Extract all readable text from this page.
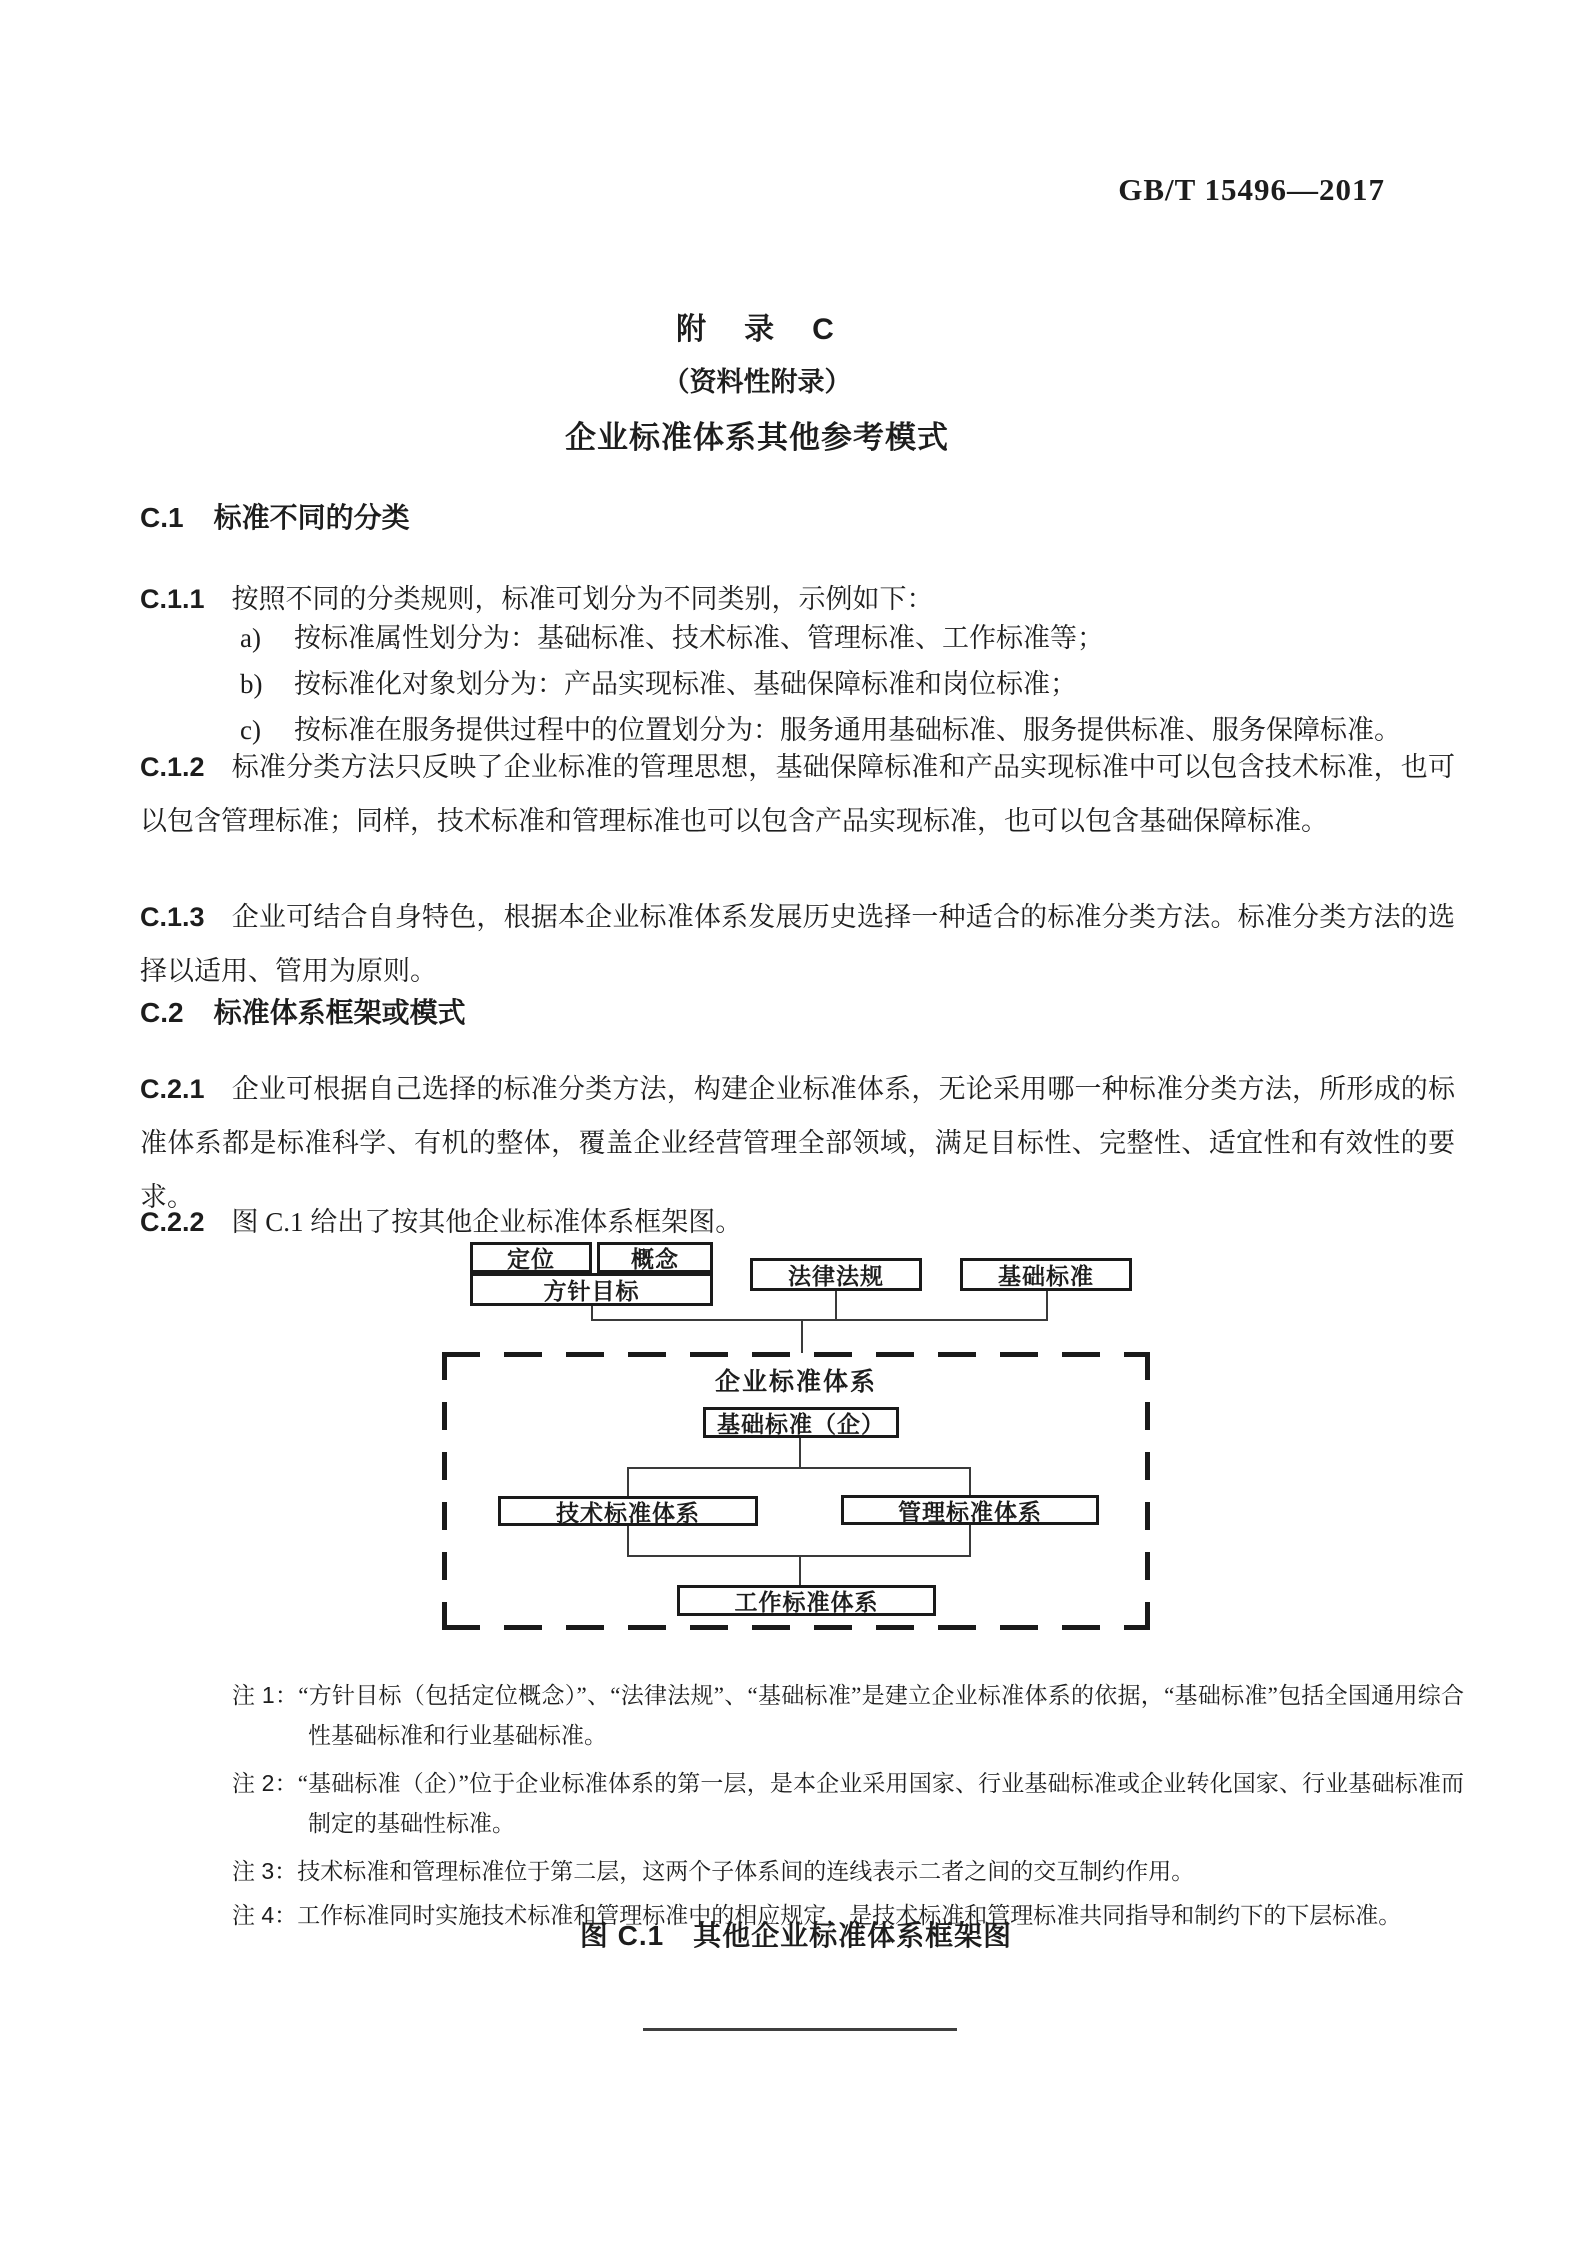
GB/T 15496—2017
附　录　C
（资料性附录）
企业标准体系其他参考模式
C.1 标准不同的分类
C.1.1 按照不同的分类规则，标准可划分为不同类别，示例如下：
a) 按标准属性划分为：基础标准、技术标准、管理标准、工作标准等；
b) 按标准化对象划分为：产品实现标准、基础保障标准和岗位标准；
c) 按标准在服务提供过程中的位置划分为：服务通用基础标准、服务提供标准、服务保障标准。
C.1.2 标准分类方法只反映了企业标准的管理思想，基础保障标准和产品实现标准中可以包含技术标准，也可以包含管理标准；同样，技术标准和管理标准也可以包含产品实现标准，也可以包含基础保障标准。
C.1.3 企业可结合自身特色，根据本企业标准体系发展历史选择一种适合的标准分类方法。标准分类方法的选择以适用、管用为原则。
C.2 标准体系框架或模式
C.2.1 企业可根据自己选择的标准分类方法，构建企业标准体系，无论采用哪一种标准分类方法，所形成的标准体系都是标准科学、有机的整体，覆盖企业经营管理全部领域，满足目标性、完整性、适宜性和有效性的要求。
C.2.2 图 C.1 给出了按其他企业标准体系框架图。
定位	概念
方针目标
法律法规	基础标准
企业标准体系
基础标准（企）
技术标准体系	管理标准体系
工作标准体系
注 1：“方针目标（包括定位概念）”、“法律法规”、“基础标准”是建立企业标准体系的依据，“基础标准”包括全国通用综合性基础标准和行业基础标准。
注 2：“基础标准（企）”位于企业标准体系的第一层，是本企业采用国家、行业基础标准或企业转化国家、行业基础标准而制定的基础性标准。
注 3：技术标准和管理标准位于第二层，这两个子体系间的连线表示二者之间的交互制约作用。
注 4：工作标准同时实施技术标准和管理标准中的相应规定，是技术标准和管理标准共同指导和制约下的下层标准。
图 C.1　其他企业标准体系框架图
